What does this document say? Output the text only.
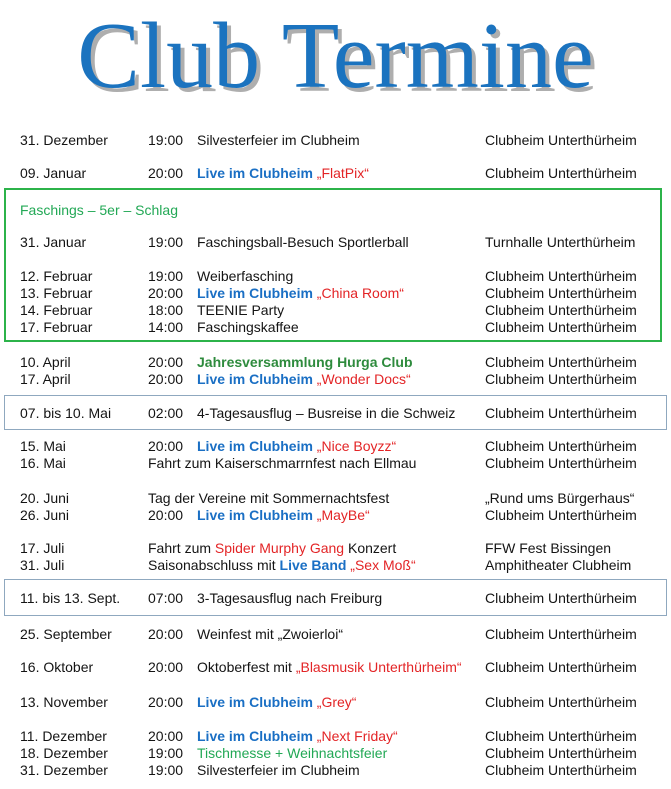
Club Termine
31. Dezember	19:00 Silvesterfeier im Clubheim	Clubheim Unterthürheim
09. Januar	20:00 Live im Clubheim „FlatPix“	Clubheim Unterthürheim
Faschings – 5er – Schlag
31. Januar	19:00 Faschingsball-Besuch Sportlerball	Turnhalle Unterthürheim
12. Februar	19:00 Weiberfasching	Clubheim Unterthürheim
13. Februar	20:00 Live im Clubheim „China Room“	Clubheim Unterthürheim
14. Februar	18:00 TEENIE Party	Clubheim Unterthürheim
17. Februar	14:00 Faschingskaffee	Clubheim Unterthürheim
10. April	20:00 Jahresversammlung Hurga Club	Clubheim Unterthürheim
17. April	20:00 Live im Clubheim „Wonder Docs“	Clubheim Unterthürheim
07. bis 10. Mai	02:00 4-Tagesausflug – Busreise in die Schweiz	Clubheim Unterthürheim
15. Mai	20:00 Live im Clubheim „Nice Boyzz“	Clubheim Unterthürheim
16. Mai	Fahrt zum Kaiserschmarrnfest nach Ellmau	Clubheim Unterthürheim
20. Juni	Tag der Vereine mit Sommernachtsfest	„Rund ums Bürgerhaus“
26. Juni	20:00 Live im Clubheim „MayBe“	Clubheim Unterthürheim
17. Juli	Fahrt zum Spider Murphy Gang Konzert	FFW Fest Bissingen
31. Juli	Saisonabschluss mit Live Band „Sex Moß“	Amphitheater Clubheim
11. bis 13. Sept.	07:00 3-Tagesausflug nach Freiburg	Clubheim Unterthürheim
25. September	20:00 Weinfest mit „Zwoierloi“	Clubheim Unterthürheim
16. Oktober	20:00 Oktoberfest mit „Blasmusik Unterthürheim“	Clubheim Unterthürheim
13. November	20:00 Live im Clubheim „Grey“	Clubheim Unterthürheim
11. Dezember	20:00 Live im Clubheim „Next Friday“	Clubheim Unterthürheim
18. Dezember	19:00 Tischmesse + Weihnachtsfeier	Clubheim Unterthürheim
31. Dezember	19:00 Silvesterfeier im Clubheim	Clubheim Unterthürheim
